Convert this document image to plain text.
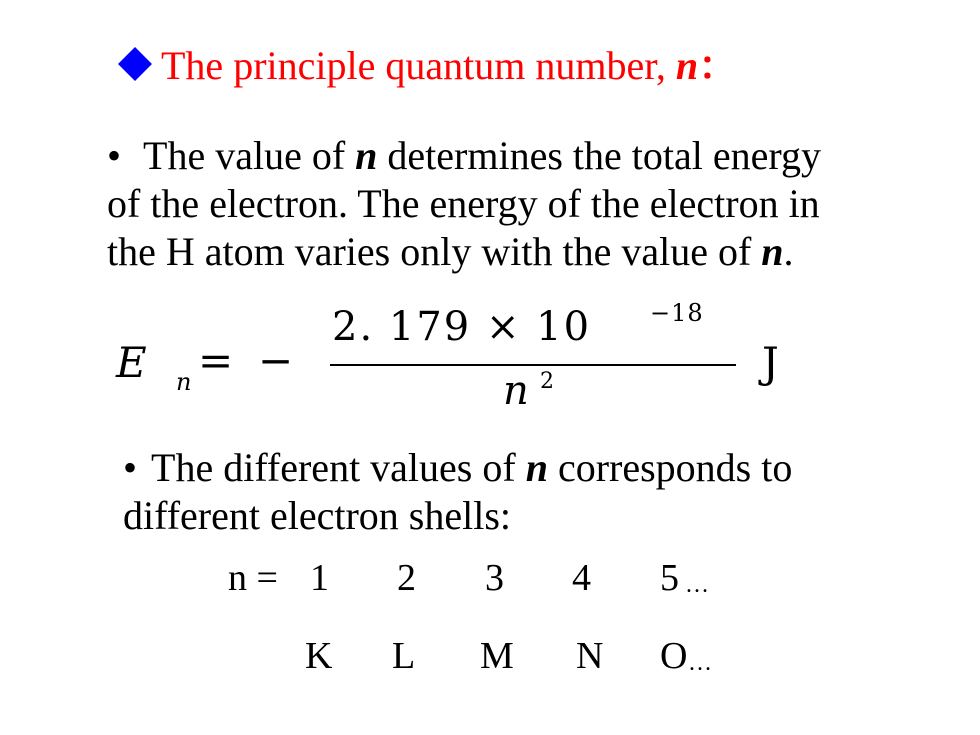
The principle quantum number, n：
• The value of n determines the total energy
of the electron. The energy of the electron in
the H atom varies only with the value of n.
E n = −
2. 179 × 10 −18
n 2	J
• The different values of n corresponds to
different electron shells:
n = 1 2 3 4 5 …
K L M N O …
